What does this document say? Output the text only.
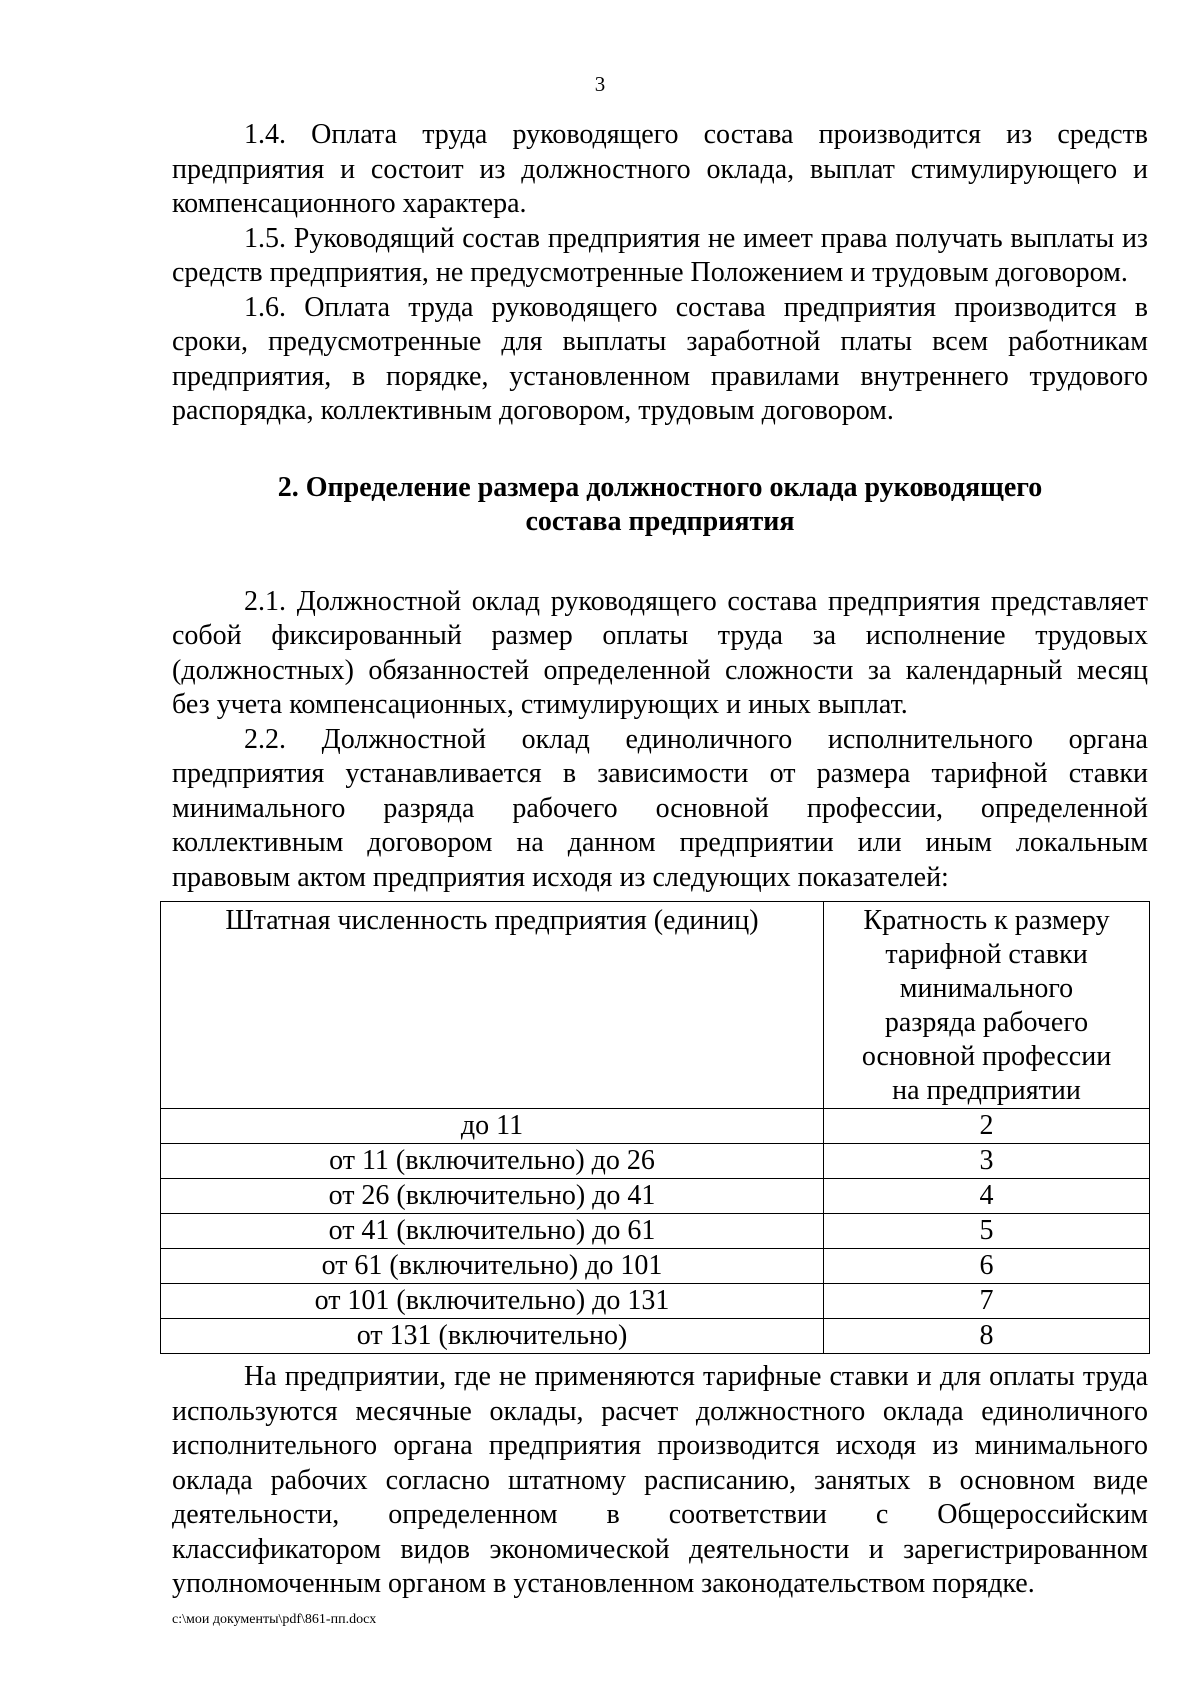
3

1.4. Оплата труда руководящего состава производится из средств предприятия и состоит из должностного оклада, выплат стимулирующего и компенсационного характера.

1.5. Руководящий состав предприятия не имеет права получать выплаты из средств предприятия, не предусмотренные Положением и трудовым договором.

1.6. Оплата труда руководящего состава предприятия производится в сроки, предусмотренные для выплаты заработной платы всем работникам предприятия, в порядке, установленном правилами внутреннего трудового распорядка, коллективным договором, трудовым договором.

2. Определение размера должностного оклада руководящего
состава предприятия

2.1. Должностной оклад руководящего состава предприятия представляет собой фиксированный размер оплаты труда за исполнение трудовых (должностных) обязанностей определенной сложности за календарный месяц без учета компенсационных, стимулирующих и иных выплат.

2.2. Должностной оклад единоличного исполнительного органа предприятия устанавливается в зависимости от размера тарифной ставки минимального разряда рабочего основной профессии, определенной коллективным договором на данном предприятии или иным локальным правовым актом предприятия исходя из следующих показателей:

Штатная численность предприятия (единиц)	Кратность к размеру тарифной ставки минимального разряда рабочего основной профессии на предприятии
до 11	2
от 11 (включительно) до 26	3
от 26 (включительно) до 41	4
от 41 (включительно) до 61	5
от 61 (включительно) до 101	6
от 101 (включительно) до 131	7
от 131 (включительно)	8

На предприятии, где не применяются тарифные ставки и для оплаты труда используются месячные оклады, расчет должностного оклада единоличного исполнительного органа предприятия производится исходя из минимального оклада рабочих согласно штатному расписанию, занятых в основном виде деятельности, определенном в соответствии с Общероссийским классификатором видов экономической деятельности и зарегистрированном уполномоченным органом в установленном законодательством порядке.

c:\мои документы\pdf\861-пп.docx
